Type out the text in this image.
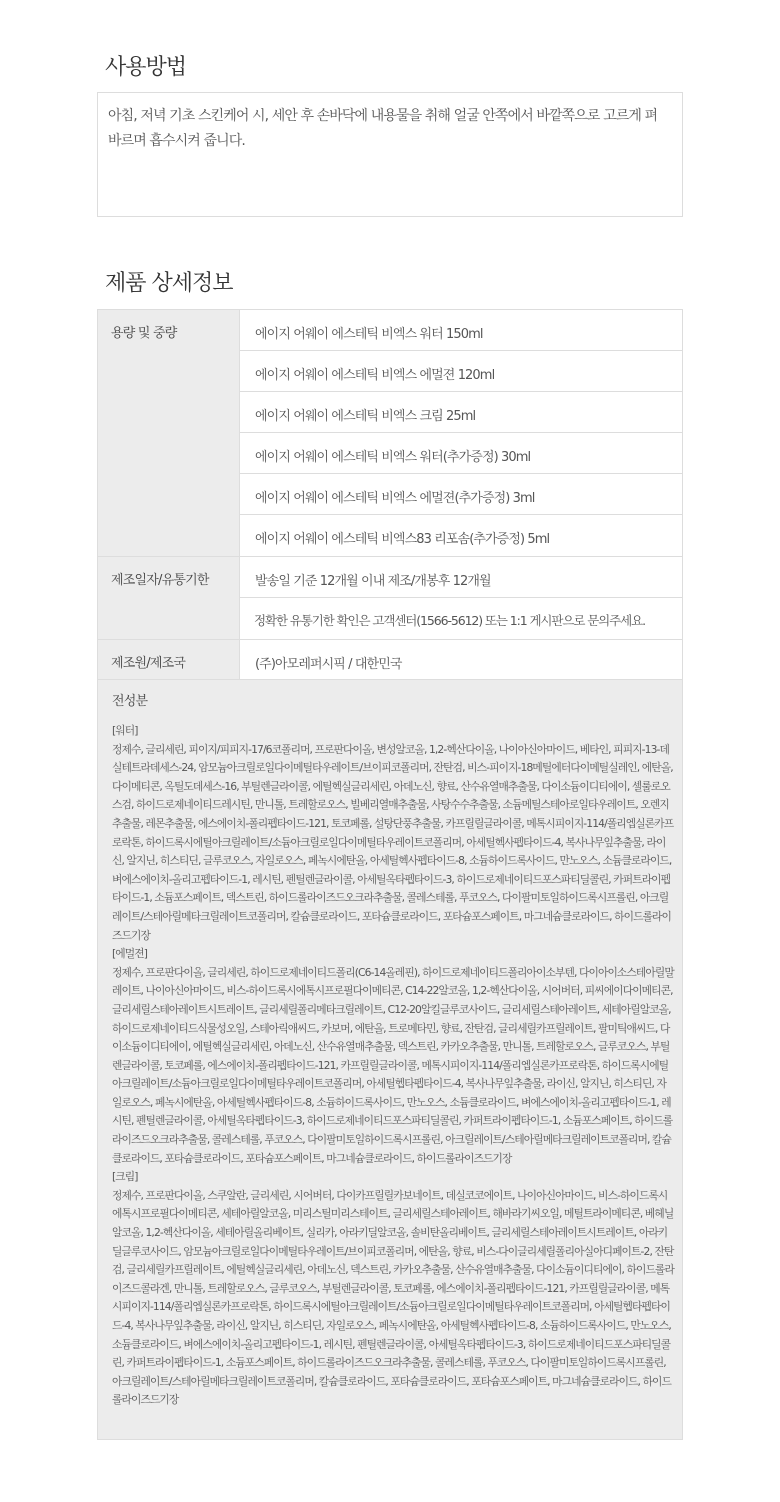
사용방법
아침, 저녁 기초 스킨케어 시, 세안 후 손바닥에 내용물을 취해 얼굴 안쪽에서 바깥쪽으로 고르게 펴 바르며 흡수시켜 줍니다.
제품 상세정보
용량 및 중량	에이지 어웨이 에스테틱 비엑스 워터 150ml
에이지 어웨이 에스테틱 비엑스 에멀젼 120ml
에이지 어웨이 에스테틱 비엑스 크림 25ml
에이지 어웨이 에스테틱 비엑스 워터(추가증정) 30ml
에이지 어웨이 에스테틱 비엑스 에멀젼(추가증정) 3ml
에이지 어웨이 에스테틱 비엑스83 리포솜(추가증정) 5ml
제조일자/유통기한	발송일 기준 12개월 이내 제조/개봉후 12개월
정확한 유통기한 확인은 고객센터(1566-5612) 또는 1:1 게시판으로 문의주세요.
제조원/제조국	(주)아모레퍼시픽 / 대한민국
전성분
[워터]
정제수, 글리세린, 피이지/피피지-17/6코폴리머, 프로판다이올, 변성알코올, 1,2-헥산다이올, 나이아신아마이드, 베타인, 피피지-13-데실테트라데세스-24, 암모늄아크릴로일다이메틸타우레이트/브이피코폴리머, 잔탄검, 비스-피이지-18메틸에터다이메틸실레인, 에탄올, 다이메티콘, 옥틸도데세스-16, 부틸렌글라이콜, 에틸헥실글리세린, 아데노신, 향료, 산수유열매추출물, 다이소듐이디티에이, 셀룰로오스검, 하이드로제네이티드레시틴, 만니톨, 트레할로오스, 빌베리열매추출물, 사탕수수추출물, 소듐메틸스테아로일타우레이트, 오렌지추출물, 레몬추출물, 에스에이치-폴리펩타이드-121, 토코페롤, 설탕단풍추출물, 카프릴릴글라이콜, 메톡시피이지-114/폴리엡실론카프로락톤, 하이드록시에틸아크릴레이트/소듐아크릴로일다이메틸타우레이트코폴리머, 아세틸헥사펩타이드-4, 복사나무잎추출물, 라이신, 알지닌, 히스티딘, 글루코오스, 자일로오스, 페녹시에탄올, 아세틸헥사펩타이드-8, 소듐하이드록사이드, 만노오스, 소듐클로라이드, 벼에스에이치-올리고펩타이드-1, 레시틴, 펜틸렌글라이콜, 아세틸옥타펩타이드-3, 하이드로제네이티드포스파티딜콜린, 카퍼트라이펩타이드-1, 소듐포스페이트, 덱스트린, 하이드롤라이즈드오크라추출물, 콜레스테롤, 푸코오스, 다이팔미토일하이드록시프롤린, 아크릴레이트/스테아릴메타크릴레이트코폴리머, 칼슘클로라이드, 포타슘클로라이드, 포타슘포스페이트, 마그네슘클로라이드, 하이드롤라이즈드기장
[에멀젼]
정제수, 프로판다이올, 글리세린, 하이드로제네이티드폴리(C6-14올레핀), 하이드로제네이티드폴리아이소부텐, 다이아이소스테아릴말레이트, 나이아신아마이드, 비스-하이드록시에톡시프로필다이메티콘, C14-22알코올, 1,2-헥산다이올, 시어버터, 피씨에이다이메티콘, 글리세릴스테아레이트시트레이트, 글리세릴폴리메타크릴레이트, C12-20알킬글루코사이드, 글리세릴스테아레이트, 세테아릴알코올, 하이드로제네이티드식물성오일, 스테아릭애씨드, 카보머, 에탄올, 트로메타민, 향료, 잔탄검, 글리세릴카프릴레이트, 팔미틱애씨드, 다이소듐이디티에이, 에틸헥실글리세린, 아데노신, 산수유열매추출물, 덱스트린, 카카오추출물, 만니톨, 트레할로오스, 글루코오스, 부틸렌글라이콜, 토코페롤, 에스에이치-폴리펩타이드-121, 카프릴릴글라이콜, 메톡시피이지-114/폴리엡실론카프로락톤, 하이드록시에틸아크릴레이트/소듐아크릴로일다이메틸타우레이트코폴리머, 아세틸헵타펩타이드-4, 복사나무잎추출물, 라이신, 알지닌, 히스티딘, 자일로오스, 페녹시에탄올, 아세틸헥사펩타이드-8, 소듐하이드록사이드, 만노오스, 소듐클로라이드, 벼에스에이치-올리고펩타이드-1, 레시틴, 펜틸렌글라이콜, 아세틸옥타펩타이드-3, 하이드로제네이티드포스파티딜콜린, 카퍼트라이펩타이드-1, 소듐포스페이트, 하이드롤라이즈드오크라추출물, 콜레스테롤, 푸코오스, 다이팔미토일하이드록시프롤린, 아크릴레이트/스테아릴메타크릴레이트코폴리머, 칼슘클로라이드, 포타슘클로라이드, 포타슘포스페이트, 마그네슘클로라이드, 하이드롤라이즈드기장
[크림]
정제수, 프로판다이올, 스쿠알란, 글리세린, 시어버터, 다이카프릴릴카보네이트, 데실코코에이트, 나이아신아마이드, 비스-하이드록시에톡시프로필다이메티콘, 세테아릴알코올, 미리스틸미리스테이트, 글리세릴스테아레이트, 해바라기씨오일, 메틸트라이메티콘, 베헤닐알코올, 1,2-헥산다이올, 세테아릴올리베이트, 실리카, 아라키딜알코올, 솔비탄올리베이트, 글리세릴스테아레이트시트레이트, 아라키딜글루코사이드, 암모늄아크릴로일다이메틸타우레이트/브이피코폴리머, 에탄올, 향료, 비스-다이글리세릴폴리아실아디페이트-2, 잔탄검, 글리세릴카프릴레이트, 에틸헥실글리세린, 아데노신, 덱스트린, 카카오추출물, 산수유열매추출물, 다이소듐이디티에이, 하이드롤라이즈드콜라겐, 만니톨, 트레할로오스, 글루코오스, 부틸렌글라이콜, 토코페롤, 에스에이치-폴리펩타이드-121, 카프릴릴글라이콜, 메톡시피이지-114/폴리엡실론카프로락톤, 하이드록시에틸아크릴레이트/소듐아크릴로일다이메틸타우레이트코폴리머, 아세틸헵타펩타이드-4, 복사나무잎추출물, 라이신, 알지닌, 히스티딘, 자일로오스, 페녹시에탄올, 아세틸헥사펩타이드-8, 소듐하이드록사이드, 만노오스, 소듐클로라이드, 벼에스에이치-올리고펩타이드-1, 레시틴, 펜틸렌글라이콜, 아세틸옥타펩타이드-3, 하이드로제네이티드포스파티딜콜린, 카퍼트라이펩타이드-1, 소듐포스페이트, 하이드롤라이즈드오크라추출물, 콜레스테롤, 푸코오스, 다이팔미토일하이드록시프롤린, 아크릴레이트/스테아릴메타크릴레이트코폴리머, 칼슘클로라이드, 포타슘클로라이드, 포타슘포스페이트, 마그네슘클로라이드, 하이드롤라이즈드기장
